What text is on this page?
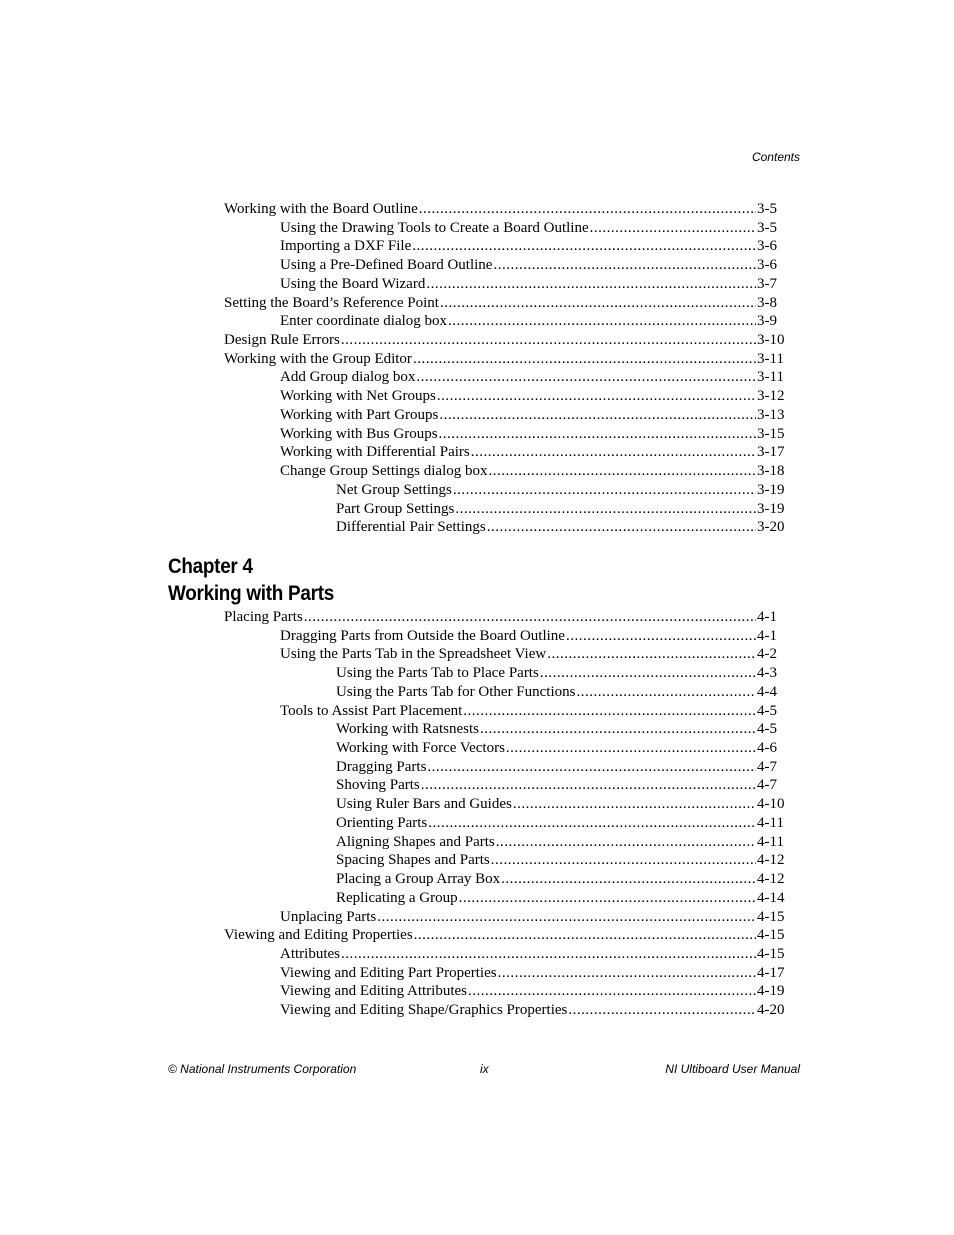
Contents
Working with the Board Outline .....	3-5
Using the Drawing Tools to Create a Board Outline .....	3-5
Importing a DXF File .....	3-6
Using a Pre-Defined Board Outline .....	3-6
Using the Board Wizard .....	3-7
Setting the Board’s Reference Point .....	3-8
Enter coordinate dialog box .....	3-9
Design Rule Errors .....	3-10
Working with the Group Editor .....	3-11
Add Group dialog box .....	3-11
Working with Net Groups .....	3-12
Working with Part Groups .....	3-13
Working with Bus Groups .....	3-15
Working with Differential Pairs .....	3-17
Change Group Settings dialog box .....	3-18
Net Group Settings .....	3-19
Part Group Settings .....	3-19
Differential Pair Settings .....	3-20
Chapter 4
Working with Parts
Placing Parts .....	4-1
Dragging Parts from Outside the Board Outline .....	4-1
Using the Parts Tab in the Spreadsheet View .....	4-2
Using the Parts Tab to Place Parts .....	4-3
Using the Parts Tab for Other Functions .....	4-4
Tools to Assist Part Placement .....	4-5
Working with Ratsnests .....	4-5
Working with Force Vectors .....	4-6
Dragging Parts .....	4-7
Shoving Parts .....	4-7
Using Ruler Bars and Guides .....	4-10
Orienting Parts .....	4-11
Aligning Shapes and Parts .....	4-11
Spacing Shapes and Parts .....	4-12
Placing a Group Array Box .....	4-12
Replicating a Group .....	4-14
Unplacing Parts .....	4-15
Viewing and Editing Properties .....	4-15
Attributes .....	4-15
Viewing and Editing Part Properties .....	4-17
Viewing and Editing Attributes .....	4-19
Viewing and Editing Shape/Graphics Properties .....	4-20
© National Instruments Corporation	ix	NI Ultiboard User Manual
